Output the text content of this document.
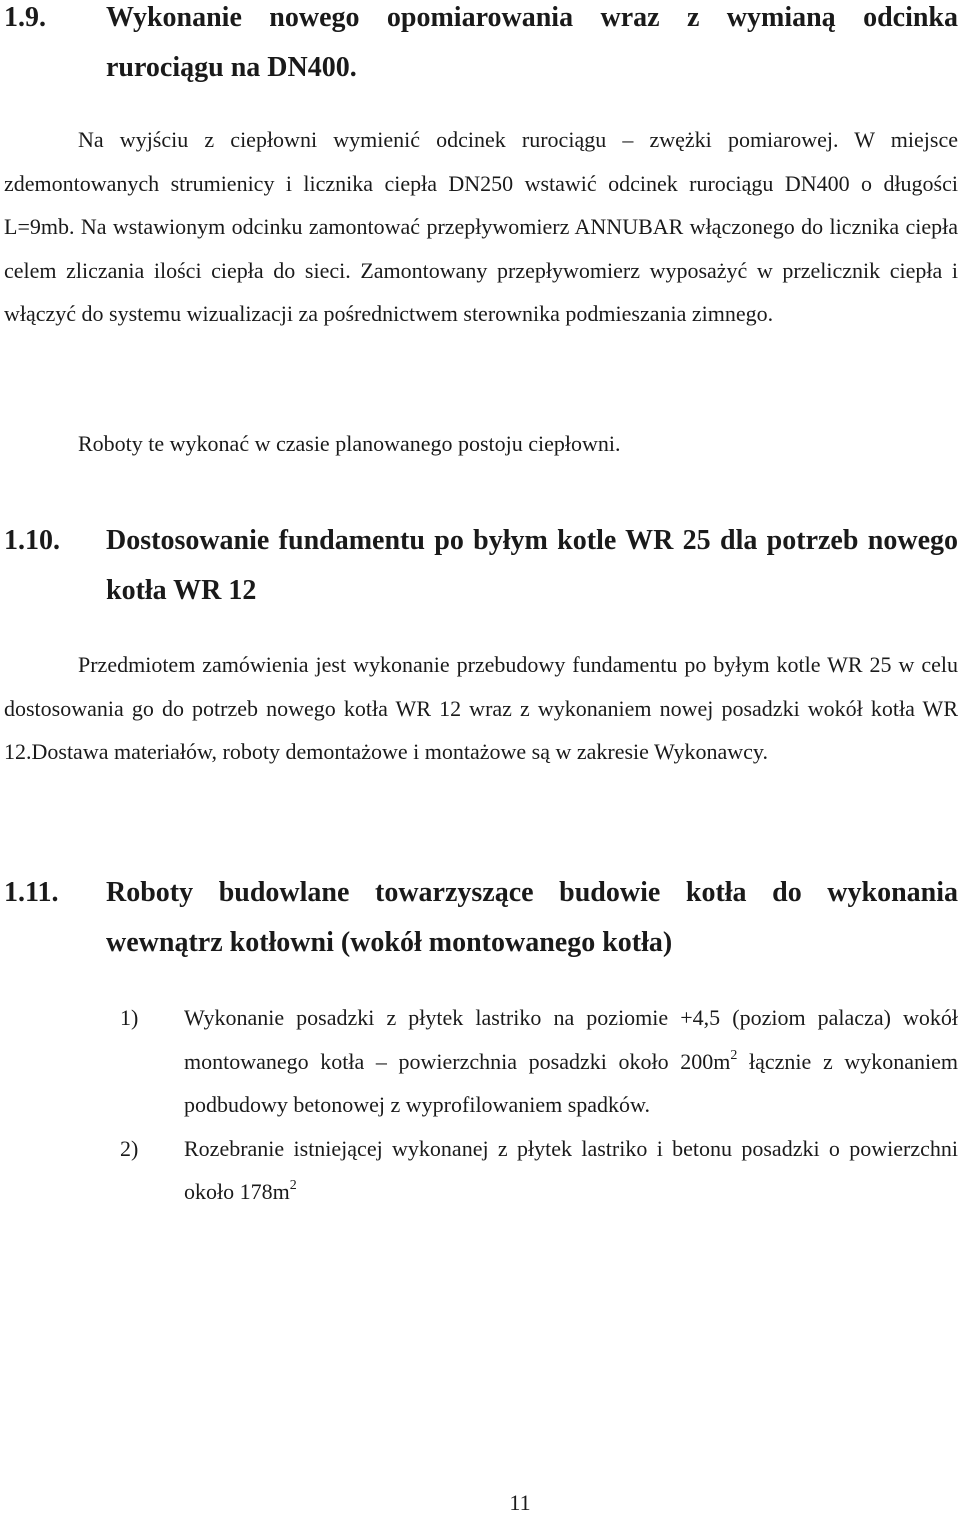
1.9.	Wykonanie nowego opomiarowania wraz z wymianą odcinka rurociągu na DN400.

Na wyjściu z ciepłowni wymienić odcinek rurociągu – zwężki pomiarowej. W miejsce zdemontowanych strumienicy i licznika ciepła DN250 wstawić odcinek rurociągu DN400 o długości L=9mb. Na wstawionym odcinku zamontować przepływomierz ANNUBAR włączonego do licznika ciepła celem zliczania ilości ciepła do sieci. Zamontowany przepływomierz wyposażyć w przelicznik ciepła i włączyć do systemu wizualizacji za pośrednictwem sterownika podmieszania zimnego.

Roboty te wykonać w czasie planowanego postoju ciepłowni.

1.10.	Dostosowanie fundamentu po byłym kotle WR 25 dla potrzeb nowego kotła WR 12

Przedmiotem zamówienia jest wykonanie przebudowy fundamentu po byłym kotle WR 25 w celu dostosowania go do potrzeb nowego kotła WR 12 wraz z wykonaniem nowej posadzki wokół kotła WR 12.Dostawa materiałów, roboty demontażowe i montażowe są w zakresie Wykonawcy.

1.11.	Roboty budowlane towarzyszące budowie kotła do wykonania wewnątrz kotłowni (wokół montowanego kotła)
1) Wykonanie posadzki z płytek lastriko na poziomie +4,5 (poziom palacza) wokół montowanego kotła – powierzchnia posadzki około $200m^2$ łącznie z wykonaniem podbudowy betonowej z wyprofilowaniem spadków.
2) Rozebranie istniejącej wykonanej z płytek lastriko i betonu posadzki o powierzchni około $178m^2$
11
